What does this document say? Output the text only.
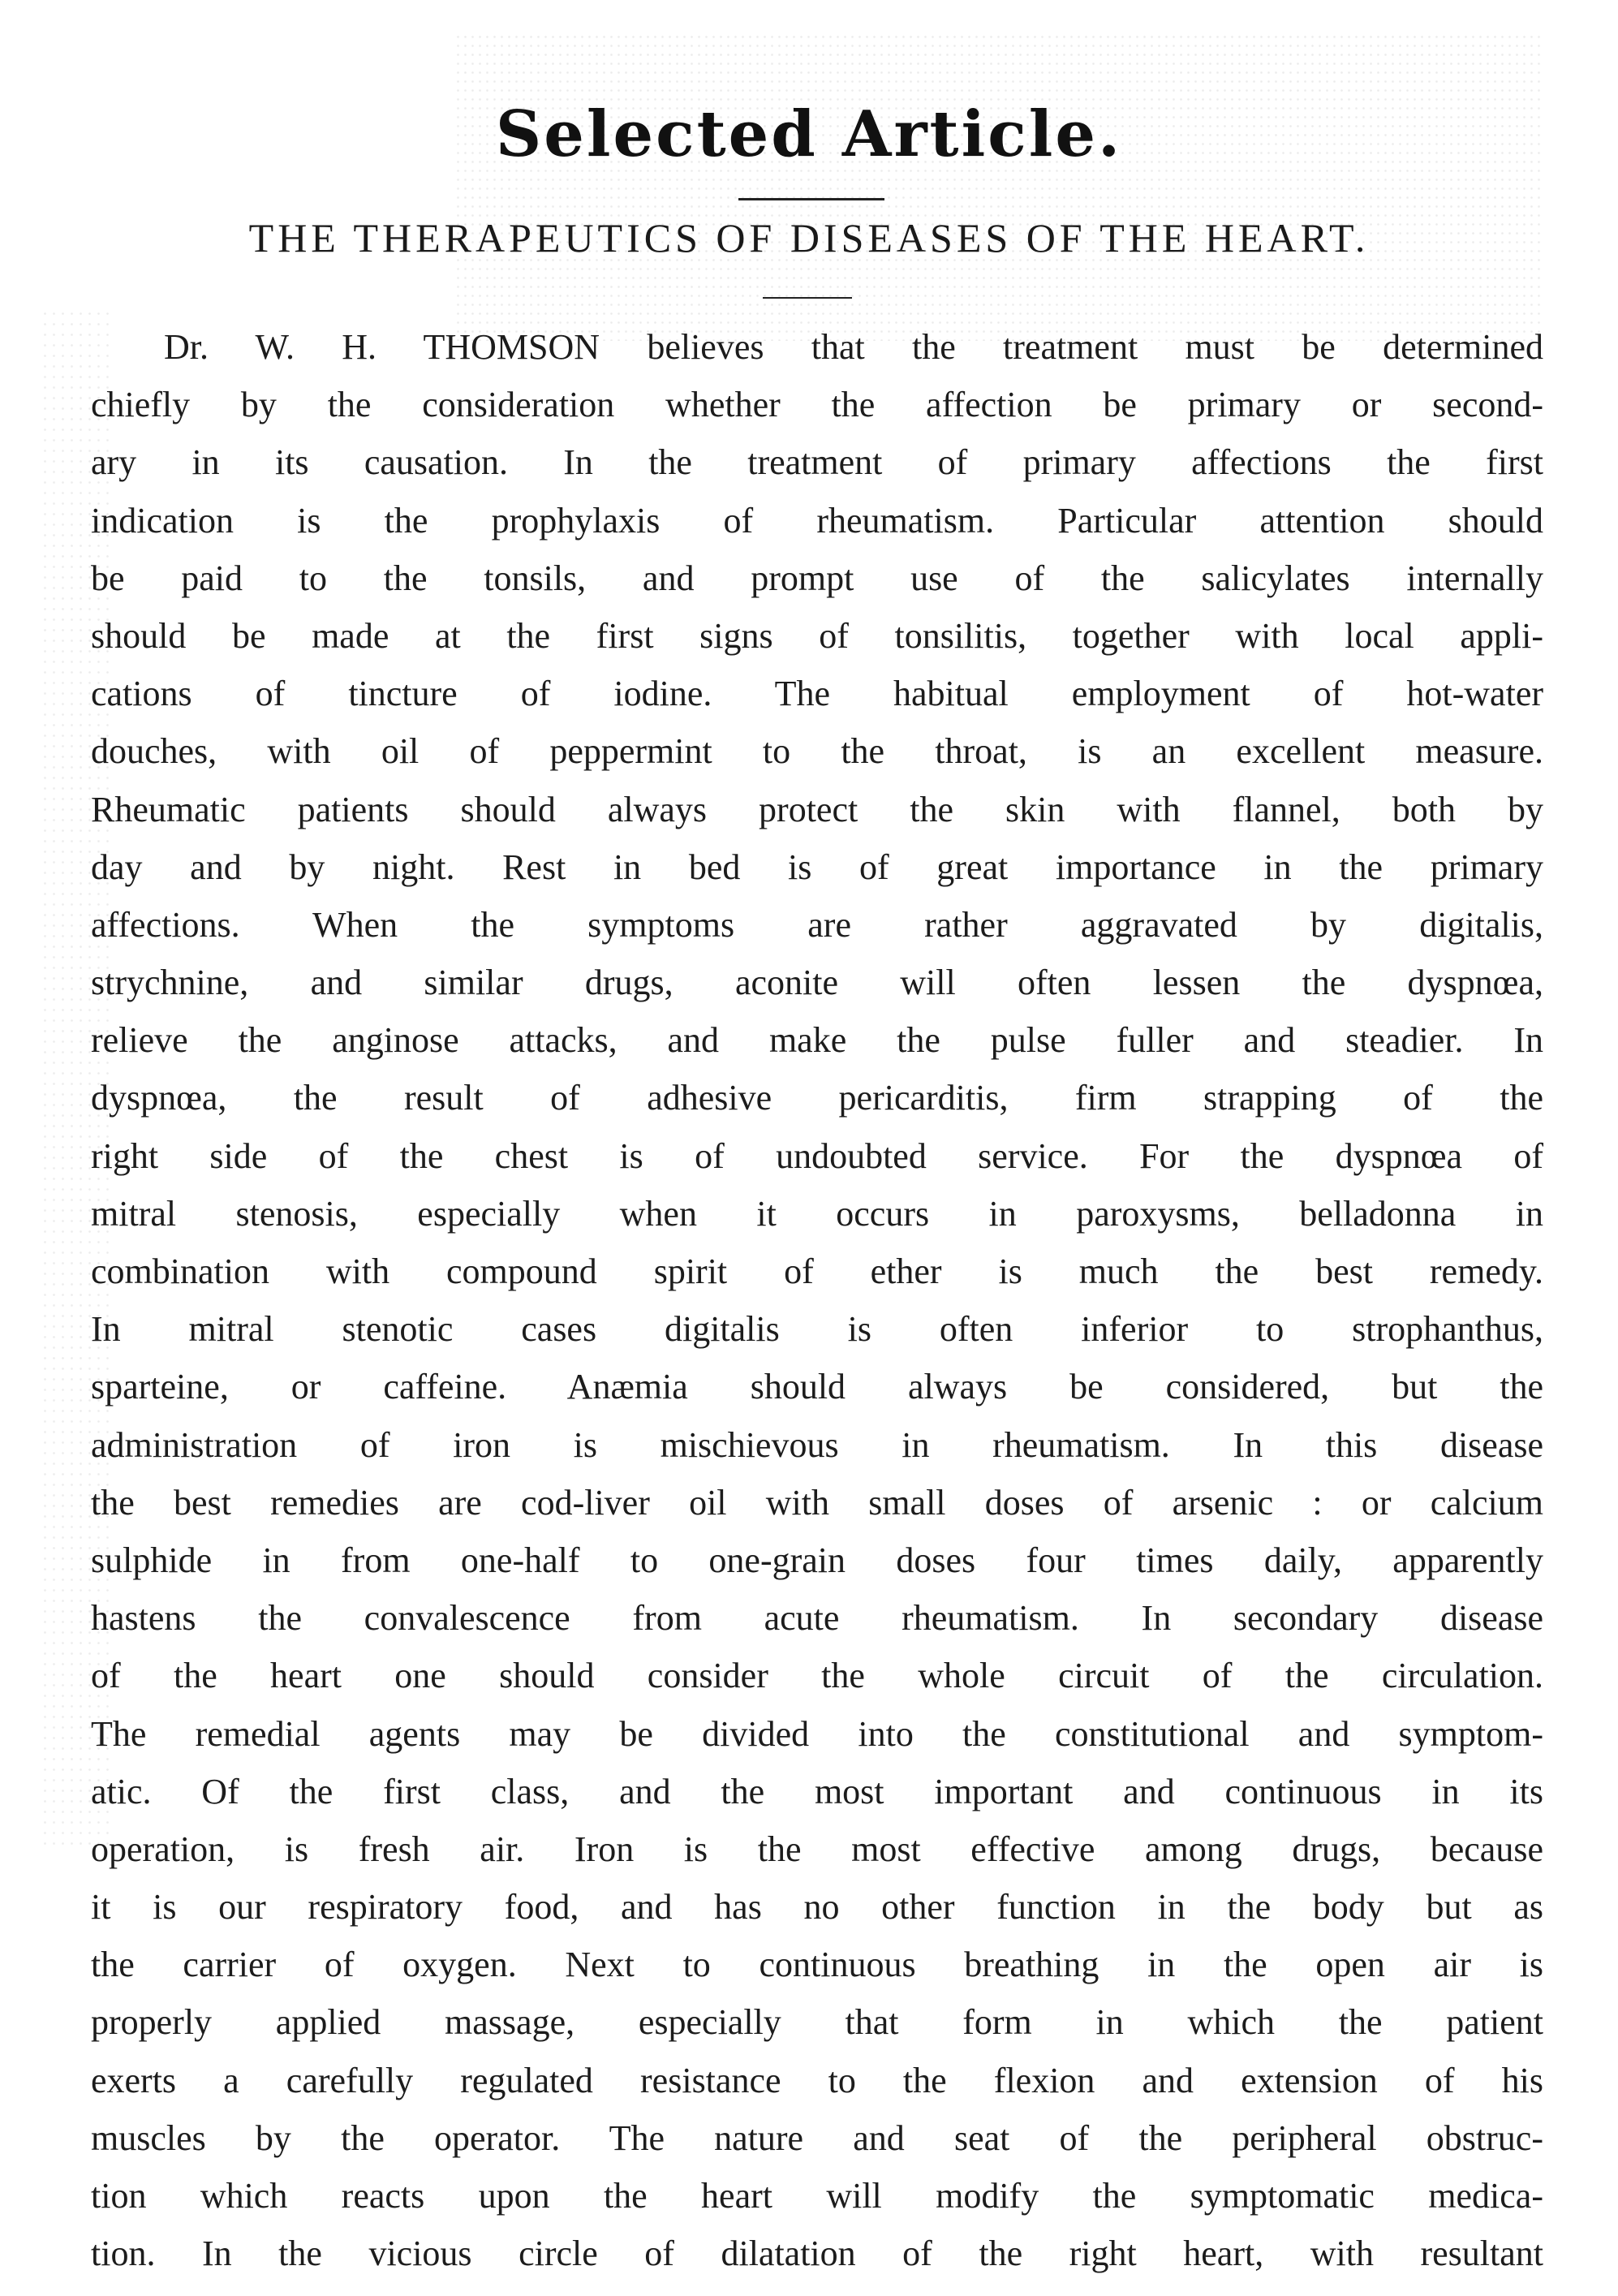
Selected Article.
THE THERAPEUTICS OF DISEASES OF THE HEART.
Dr. W. H. THOMSON believes that the treatment must be determined
chiefly by the consideration whether the affection be primary or second-
ary in its causation. In the treatment of primary affections the first
indication is the prophylaxis of rheumatism. Particular attention should
be paid to the tonsils, and prompt use of the salicylates internally
should be made at the first signs of tonsilitis, together with local appli-
cations of tincture of iodine. The habitual employment of hot-water
douches, with oil of peppermint to the throat, is an excellent measure.
Rheumatic patients should always protect the skin with flannel, both by
day and by night. Rest in bed is of great importance in the primary
affections. When the symptoms are rather aggravated by digitalis,
strychnine, and similar drugs, aconite will often lessen the dyspnœa,
relieve the anginose attacks, and make the pulse fuller and steadier. In
dyspnœa, the result of adhesive pericarditis, firm strapping of the
right side of the chest is of undoubted service. For the dyspnœa of
mitral stenosis, especially when it occurs in paroxysms, belladonna in
combination with compound spirit of ether is much the best remedy.
In mitral stenotic cases digitalis is often inferior to strophanthus,
sparteine, or caffeine. Anæmia should always be considered, but the
administration of iron is mischievous in rheumatism. In this disease
the best remedies are cod-liver oil with small doses of arsenic : or calcium
sulphide in from one-half to one-grain doses four times daily, apparently
hastens the convalescence from acute rheumatism. In secondary disease
of the heart one should consider the whole circuit of the circulation.
The remedial agents may be divided into the constitutional and symptom-
atic. Of the first class, and the most important and continuous in its
operation, is fresh air. Iron is the most effective among drugs, because
it is our respiratory food, and has no other function in the body but as
the carrier of oxygen. Next to continuous breathing in the open air is
properly applied massage, especially that form in which the patient
exerts a carefully regulated resistance to the flexion and extension of his
muscles by the operator. The nature and seat of the peripheral obstruc-
tion which reacts upon the heart will modify the symptomatic medica-
tion. In the vicious circle of dilatation of the right heart, with resultant
